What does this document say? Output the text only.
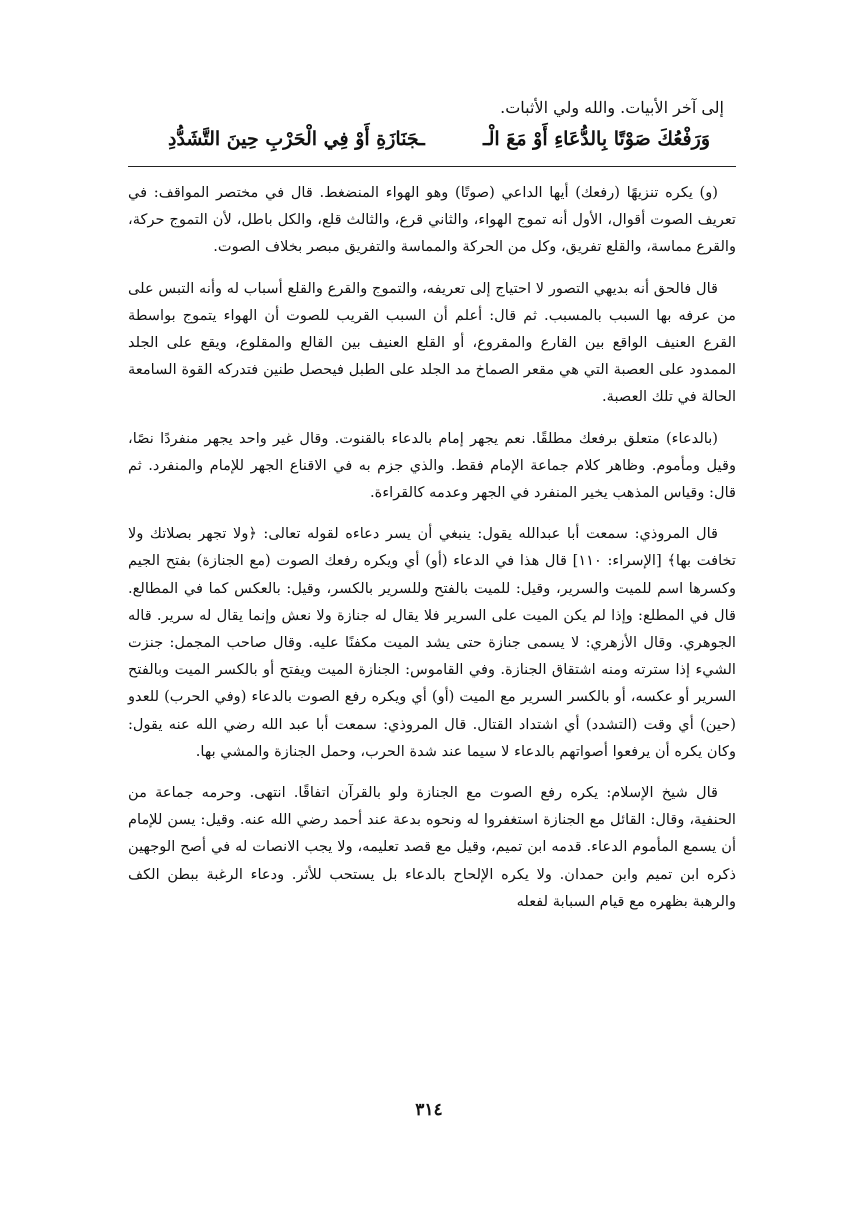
إلى آخر الأبيات. والله ولي الأثبات.

وَرَفْعُكَ صَوْتًا بِالدُّعَاءِ أَوْ مَعَ الْـ
ـجَنَازَةِ أَوْ فِي الْحَرْبِ حِينَ التَّشَدُّدِ

(و) يكره تنزيهًا (رفعك) أيها الداعي (صوتًا) وهو الهواء المنضغط. قال في مختصر المواقف: في تعريف الصوت أقوال، الأول أنه تموج الهواء، والثاني قرع، والثالث قلع، والكل باطل، لأن التموج حركة، والقرع مماسة، والقلع تفريق، وكل من الحركة والمماسة والتفريق مبصر بخلاف الصوت.

قال فالحق أنه بديهي التصور لا احتياج إلى تعريفه، والتموج والقرع والقلع أسباب له وأنه التبس على من عرفه بها السبب بالمسبب. ثم قال: أعلم أن السبب القريب للصوت أن الهواء يتموج بواسطة القرع العنيف الواقع بين القارع والمقروع، أو القلع العنيف بين القالع والمقلوع، ويقع على الجلد الممدود على العصبة التي هي مقعر الصماخ مد الجلد على الطبل فيحصل طنين فتدركه القوة السامعة الحالة في تلك العصبة.

(بالدعاء) متعلق برفعك مطلقًا. نعم يجهر إمام بالدعاء بالقنوت. وقال غير واحد يجهر منفردًا نصًا، وقيل ومأموم. وظاهر كلام جماعة الإمام فقط. والذي جزم به في الاقناع الجهر للإمام والمنفرد. ثم قال: وقياس المذهب يخير المنفرد في الجهر وعدمه كالقراءة.

قال المروذي: سمعت أبا عبدالله يقول: ينبغي أن يسر دعاءه لقوله تعالى: ﴿ولا تجهر بصلاتك ولا تخافت بها﴾ [الإسراء: ١١٠] قال هذا في الدعاء (أو) أي ويكره رفعك الصوت (مع الجنازة) بفتح الجيم وكسرها اسم للميت والسرير، وقيل: للميت بالفتح وللسرير بالكسر، وقيل: بالعكس كما في المطالع. قال في المطلع: وإذا لم يكن الميت على السرير فلا يقال له جنازة ولا نعش وإنما يقال له سرير. قاله الجوهري. وقال الأزهري: لا يسمى جنازة حتى يشد الميت مكفنًا عليه. وقال صاحب المجمل: جنزت الشيء إذا سترته ومنه اشتقاق الجنازة. وفي القاموس: الجنازة الميت ويفتح أو بالكسر الميت وبالفتح السرير أو عكسه، أو بالكسر السرير مع الميت (أو) أي ويكره رفع الصوت بالدعاء (وفي الحرب) للعدو (حين) أي وقت (التشدد) أي اشتداد القتال. قال المروذي: سمعت أبا عبد الله رضي الله عنه يقول: وكان يكره أن يرفعوا أصواتهم بالدعاء لا سيما عند شدة الحرب، وحمل الجنازة والمشي بها.

قال شيخ الإسلام: يكره رفع الصوت مع الجنازة ولو بالقرآن اتفاقًا. انتهى. وحرمه جماعة من الحنفية، وقال: القائل مع الجنازة استغفروا له ونحوه بدعة عند أحمد رضي الله عنه. وقيل: يسن للإمام أن يسمع المأموم الدعاء. قدمه ابن تميم، وقيل مع قصد تعليمه، ولا يجب الانصات له في أصح الوجهين ذكره ابن تميم وابن حمدان. ولا يكره الإلحاح بالدعاء بل يستحب للأثر. ودعاء الرغبة ببطن الكف والرهبة بظهره مع قيام السبابة لفعله

٣١٤
